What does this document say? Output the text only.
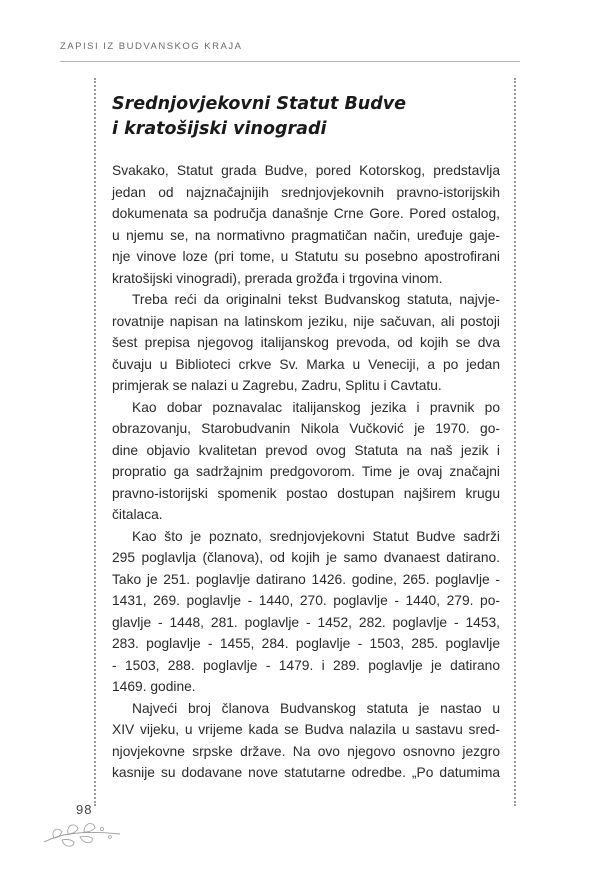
ZAPISI IZ BUDVANSKOG KRAJA
Srednjovjekovni Statut Budve
i kratošijski vinogradi
Svakako, Statut grada Budve, pored Kotorskog, predstavlja
jedan od najznačajnijih srednjovjekovnih pravno-istorijskih
dokumenata sa područja današnje Crne Gore. Pored ostalog,
u njemu se, na normativno pragmatičan način, uređuje gaje-
nje vinove loze (pri tome, u Statutu su posebno apostrofirani
kratošijski vinogradi), prerada grožđa i trgovina vinom.
Treba reći da originalni tekst Budvanskog statuta, najvje-
rovatnije napisan na latinskom jeziku, nije sačuvan, ali postoji
šest prepisa njegovog italijanskog prevoda, od kojih se dva
čuvaju u Biblioteci crkve Sv. Marka u Veneciji, a po jedan
primjerak se nalazi u Zagrebu, Zadru, Splitu i Cavtatu.
Kao dobar poznavalac italijanskog jezika i pravnik po
obrazovanju, Starobudvanin Nikola Vučković je 1970. go-
dine objavio kvalitetan prevod ovog Statuta na naš jezik i
propratio ga sadržajnim predgovorom. Time je ovaj značajni
pravno-istorijski spomenik postao dostupan najširem krugu
čitalaca.
Kao što je poznato, srednjovjekovni Statut Budve sadrži
295 poglavlja (članova), od kojih je samo dvanaest datirano.
Tako je 251. poglavlje datirano 1426. godine, 265. poglavlje -
1431, 269. poglavlje - 1440, 270. poglavlje - 1440, 279. po-
glavlje - 1448, 281. poglavlje - 1452, 282. poglavlje - 1453,
283. poglavlje - 1455, 284. poglavlje - 1503, 285. poglavlje
- 1503, 288. poglavlje - 1479. i 289. poglavlje je datirano
1469. godine.
Najveći broj članova Budvanskog statuta je nastao u
XIV vijeku, u vrijeme kada se Budva nalazila u sastavu sred-
njovjekovne srpske države. Na ovo njegovo osnovno jezgro
kasnije su dodavane nove statutarne odredbe. „Po datumima
98
